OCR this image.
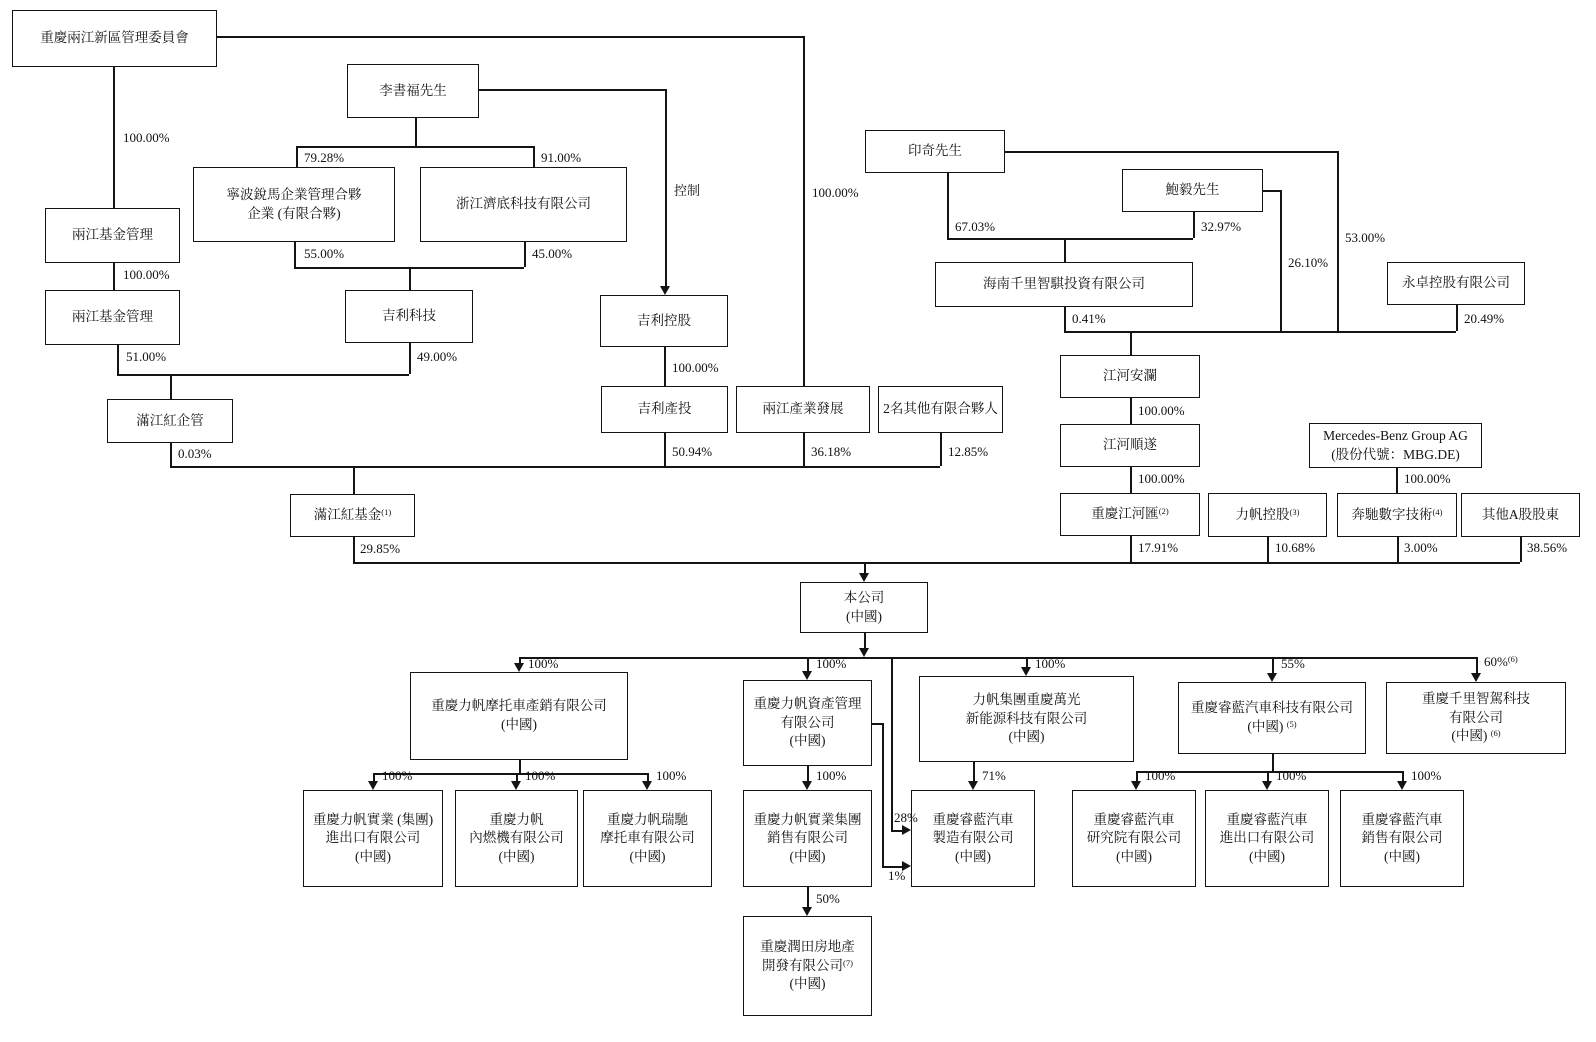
重慶兩江新區管理委員會
李書福先生
兩江基金管理
兩江基金管理
寧波銳馬企業管理合夥
企業 (有限合夥)
浙江濟底科技有限公司
吉利科技	吉利控股
滿江紅企管
吉利產投	兩江產業發展	2名其他有限合夥人
滿江紅基金$^{(1)}$
印奇先生
鮑毅先生
海南千里智騏投資有限公司	永卓控股有限公司
江河安瀾
江河順遂
Mercedes-Benz Group AG
(股份代號：MBG.DE)
重慶江河匯$^{(2)}$	力帆控股$^{(3)}$	奔馳數字技術$^{(4)}$	其他A股股東
本公司
(中國)
重慶力帆摩托車產銷有限公司
(中國)
重慶力帆資產管理
有限公司
(中國)
力帆集團重慶萬光
新能源科技有限公司
(中國)
重慶睿藍汽車科技有限公司
(中國) $^{(5)}$
重慶千里智駕科技
有限公司
(中國) $^{(6)}$
重慶力帆實業 (集團)
進出口有限公司
(中國)
重慶力帆
內燃機有限公司
(中國)
重慶力帆瑞馳
摩托車有限公司
(中國)
重慶力帆實業集團
銷售有限公司
(中國)
重慶睿藍汽車
製造有限公司
(中國)
重慶睿藍汽車
研究院有限公司
(中國)
重慶睿藍汽車
進出口有限公司
(中國)
重慶睿藍汽車
銷售有限公司
(中國)
重慶潤田房地產
開發有限公司$^{(7)}$
(中國)
100.00%
100.00%
51.00%	49.00%
79.28%	91.00%
55.00%	45.00%
控制
100.00%
100.00%
0.03%	50.94%	36.18%	12.85%
29.85%
67.03%	32.97%
0.41%
26.10%
53.00%
20.49%
100.00%
100.00%	100.00%
17.91%	10.68%	3.00%	38.56%
100%	100%	100%	55%	60%$^{(6)}$
28%
1%
100%	100%	100%	100%	71%	100%	100%	100%
50%
